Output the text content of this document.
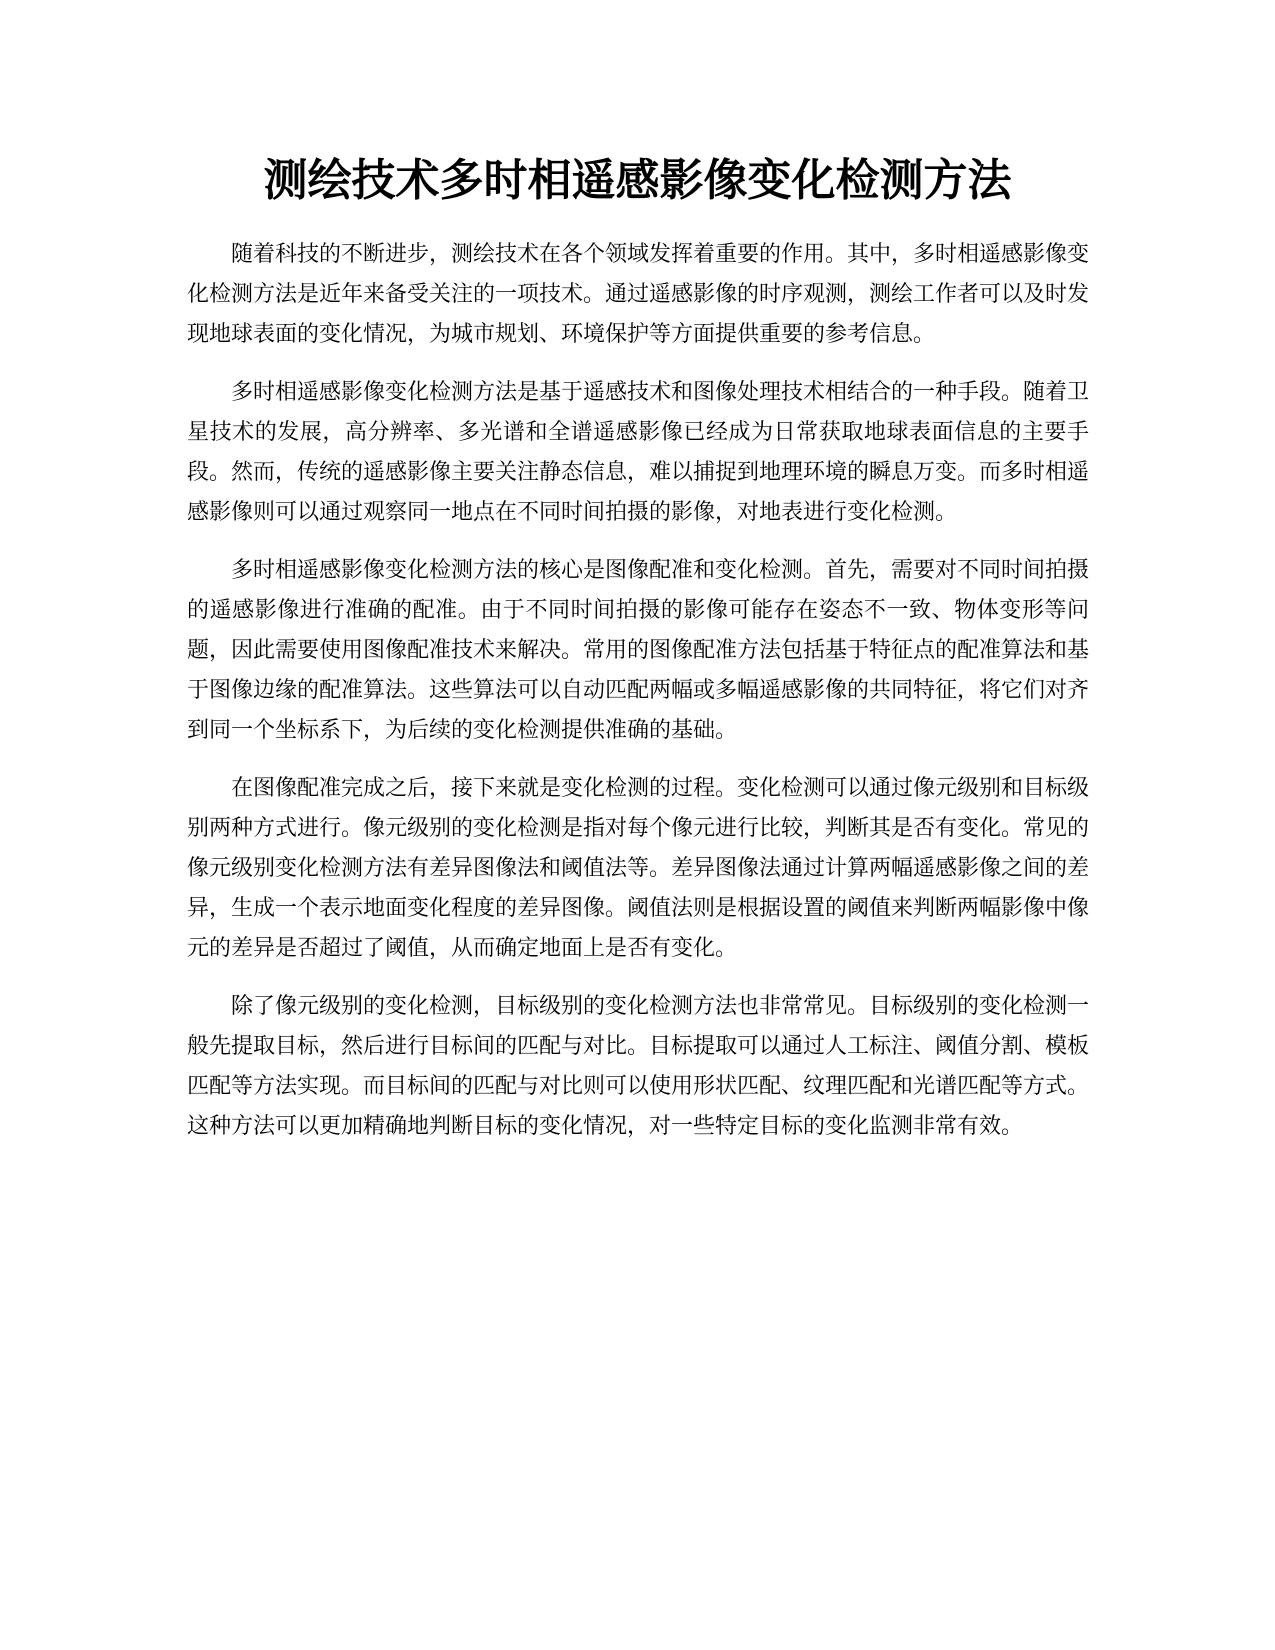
测绘技术多时相遥感影像变化检测方法

随着科技的不断进步，测绘技术在各个领域发挥着重要的作用。其中，多时相遥感影像变化检测方法是近年来备受关注的一项技术。通过遥感影像的时序观测，测绘工作者可以及时发现地球表面的变化情况，为城市规划、环境保护等方面提供重要的参考信息。

多时相遥感影像变化检测方法是基于遥感技术和图像处理技术相结合的一种手段。随着卫星技术的发展，高分辨率、多光谱和全谱遥感影像已经成为日常获取地球表面信息的主要手段。然而，传统的遥感影像主要关注静态信息，难以捕捉到地理环境的瞬息万变。而多时相遥感影像则可以通过观察同一地点在不同时间拍摄的影像，对地表进行变化检测。

多时相遥感影像变化检测方法的核心是图像配准和变化检测。首先，需要对不同时间拍摄的遥感影像进行准确的配准。由于不同时间拍摄的影像可能存在姿态不一致、物体变形等问题，因此需要使用图像配准技术来解决。常用的图像配准方法包括基于特征点的配准算法和基于图像边缘的配准算法。这些算法可以自动匹配两幅或多幅遥感影像的共同特征，将它们对齐到同一个坐标系下，为后续的变化检测提供准确的基础。

在图像配准完成之后，接下来就是变化检测的过程。变化检测可以通过像元级别和目标级别两种方式进行。像元级别的变化检测是指对每个像元进行比较，判断其是否有变化。常见的像元级别变化检测方法有差异图像法和阈值法等。差异图像法通过计算两幅遥感影像之间的差异，生成一个表示地面变化程度的差异图像。阈值法则是根据设置的阈值来判断两幅影像中像元的差异是否超过了阈值，从而确定地面上是否有变化。

除了像元级别的变化检测，目标级别的变化检测方法也非常常见。目标级别的变化检测一般先提取目标，然后进行目标间的匹配与对比。目标提取可以通过人工标注、阈值分割、模板匹配等方法实现。而目标间的匹配与对比则可以使用形状匹配、纹理匹配和光谱匹配等方式。这种方法可以更加精确地判断目标的变化情况，对一些特定目标的变化监测非常有效。
